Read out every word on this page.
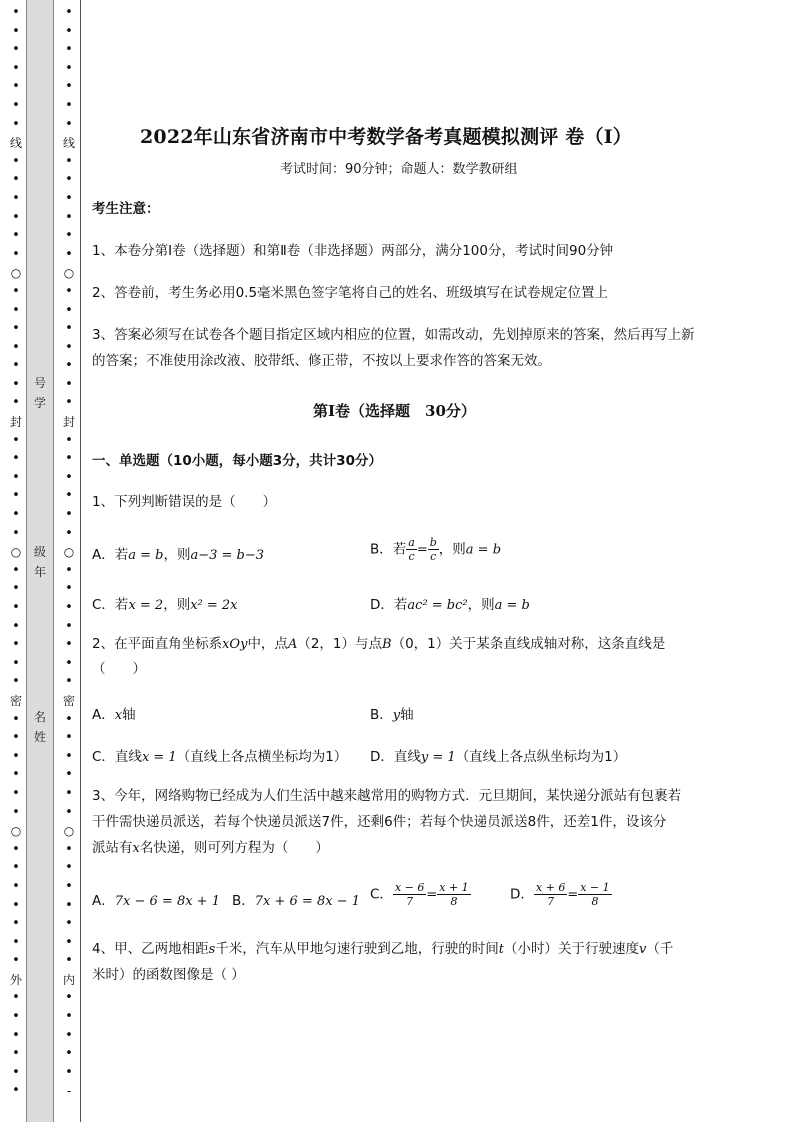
•
•
•
•
•
•
•
线
•
•
•
•
•
•
○
•
•
•
•
•
•
•
封
•
•
•
•
•
•
○
•
•
•
•
•
•
•
密
•
•
•
•
•
•
○
•
•
•
•
•
•
•
外
•
•
•
•
•
•
•
•
•
•
•
•
•
线
•
•
•
•
•
•
○
•
•
•
•
•
•
•
封
•
•
•
•
•
•
○
•
•
•
•
•
•
•
密
•
•
•
•
•
•
○
•
•
•
•
•
•
•
内
•
•
•
•
•
-
号
学
级
年
名
姓
2022年山东省济南市中考数学备考真题模拟测评 卷（Ⅰ）
考试时间：90分钟；命题人：数学教研组
考生注意：
1、本卷分第I卷（选择题）和第Ⅱ卷（非选择题）两部分，满分100分，考试时间90分钟
2、答卷前，考生务必用0.5毫米黑色签字笔将自己的姓名、班级填写在试卷规定位置上
3、答案必须写在试卷各个题目指定区域内相应的位置，如需改动，先划掉原来的答案，然后再写上新
的答案；不准使用涂改液、胶带纸、修正带，不按以上要求作答的答案无效。
第Ⅰ卷（选择题　30分）
一、单选题（10小题，每小题3分，共计30分）
1、下列判断错误的是（　　）
A．若a = b，则a−3 = b−3	B．若 $\frac{a}{c} = \frac{b}{c}$ ，则a = b
C．若x = 2，则x² = 2x	D．若ac² = bc²，则a = b
2、在平面直角坐标系xOy中，点A（2，1）与点B（0，1）关于某条直线成轴对称，这条直线是
（　　）
A．x轴	B．y轴
C．直线x = 1（直线上各点横坐标均为1） D．直线y = 1（直线上各点纵坐标均为1）
3、今年，网络购物已经成为人们生活中越来越常用的购物方式．元旦期间，某快递分派站有包裹若
干件需快递员派送，若每个快递员派送7件，还剩6件；若每个快递员派送8件，还差1件，设该分
派站有x名快递，则可列方程为（　　）
A．7x − 6 = 8x + 1 B．7x + 6 = 8x − 1 C． $\frac{x - 6}{7} = \frac{x + 1}{8}$	D． $\frac{x + 6}{7} = \frac{x - 1}{8}$
4、甲、乙两地相距s千米，汽车从甲地匀速行驶到乙地，行驶的时间t（小时）关于行驶速度v（千
米时）的函数图像是（ ）
